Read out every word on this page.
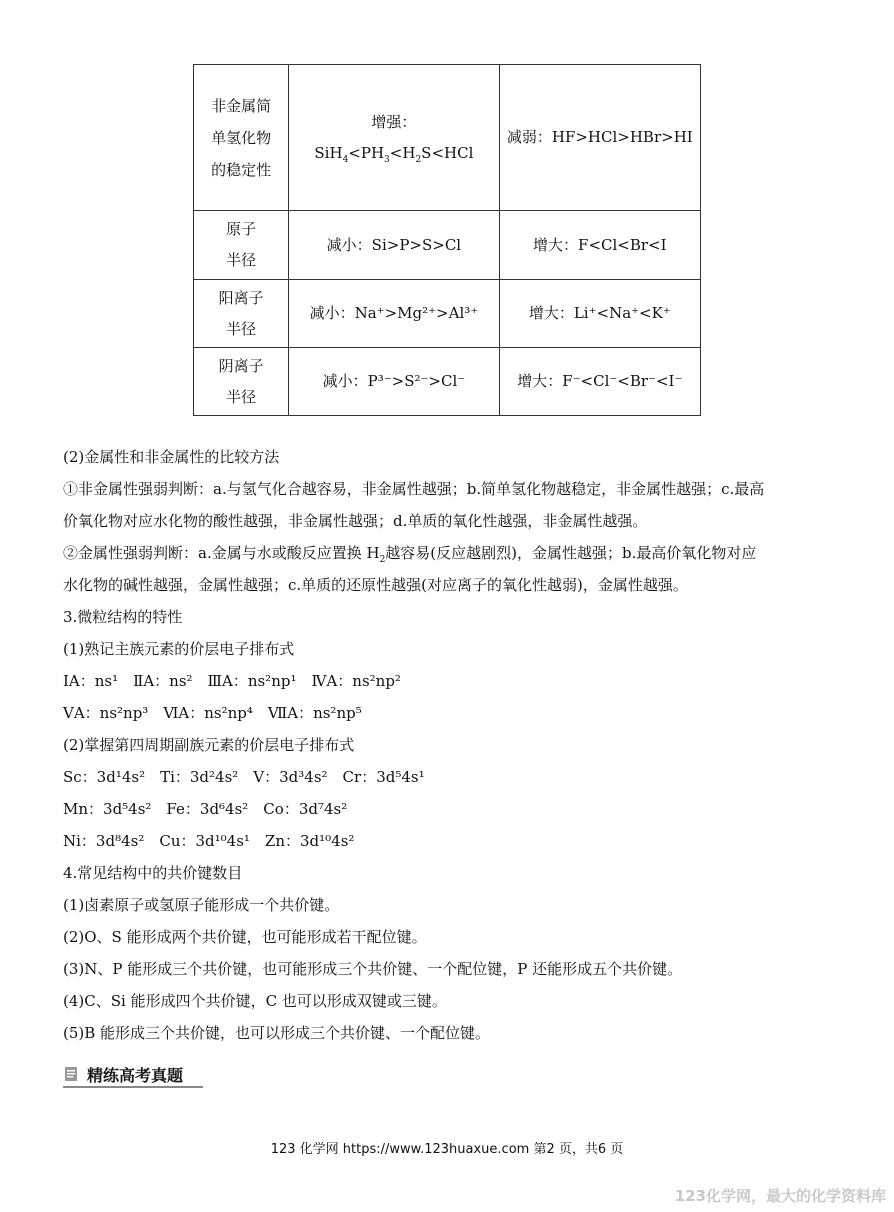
非金属简单氢化物的稳定性	增强：$SiH_4<PH_3<H_2S<HCl$	减弱：HF>HCl>HBr>HI

原子半径	减小：Si>P>S>Cl	增大：F<Cl<Br<I

阳离子半径	减小：Na⁺>Mg²⁺>Al³⁺	增大：Li⁺<Na⁺<K⁺

阴离子半径	减小：P³⁻>S²⁻>Cl⁻	增大：F⁻<Cl⁻<Br⁻<I⁻
(2)金属性和非金属性的比较方法
①非金属性强弱判断：a.与氢气化合越容易，非金属性越强；b.简单氢化物越稳定，非金属性越强；c.最高
价氧化物对应水化物的酸性越强，非金属性越强；d.单质的氧化性越强，非金属性越强。
②金属性强弱判断：a.金属与水或酸反应置换 $H_2$越容易(反应越剧烈)，金属性越强；b.最高价氧化物对应
水化物的碱性越强，金属性越强；c.单质的还原性越强(对应离子的氧化性越弱)，金属性越强。
3.微粒结构的特性
(1)熟记主族元素的价层电子排布式
ⅠA：ns¹　ⅡA：ns²　ⅢA：ns²np¹　ⅣA：ns²np²
ⅤA：ns²np³　ⅥA：ns²np⁴　ⅦA：ns²np⁵
(2)掌握第四周期副族元素的价层电子排布式
Sc：3d¹4s²　Ti：3d²4s²　V：3d³4s²　Cr：3d⁵4s¹
Mn：3d⁵4s²　Fe：3d⁶4s²　Co：3d⁷4s²
Ni：3d⁸4s²　Cu：3d¹⁰4s¹　Zn：3d¹⁰4s²
4.常见结构中的共价键数目
(1)卤素原子或氢原子能形成一个共价键。
(2)O、S 能形成两个共价键，也可能形成若干配位键。
(3)N、P 能形成三个共价键，也可能形成三个共价键、一个配位键，P 还能形成五个共价键。
(4)C、Si 能形成四个共价键，C 也可以形成双键或三键。
(5)B 能形成三个共价键，也可以形成三个共价键、一个配位键。
精练高考真题
123 化学网 https://www.123huaxue.com 第2 页，共6 页
123化学网，最大的化学资料库
